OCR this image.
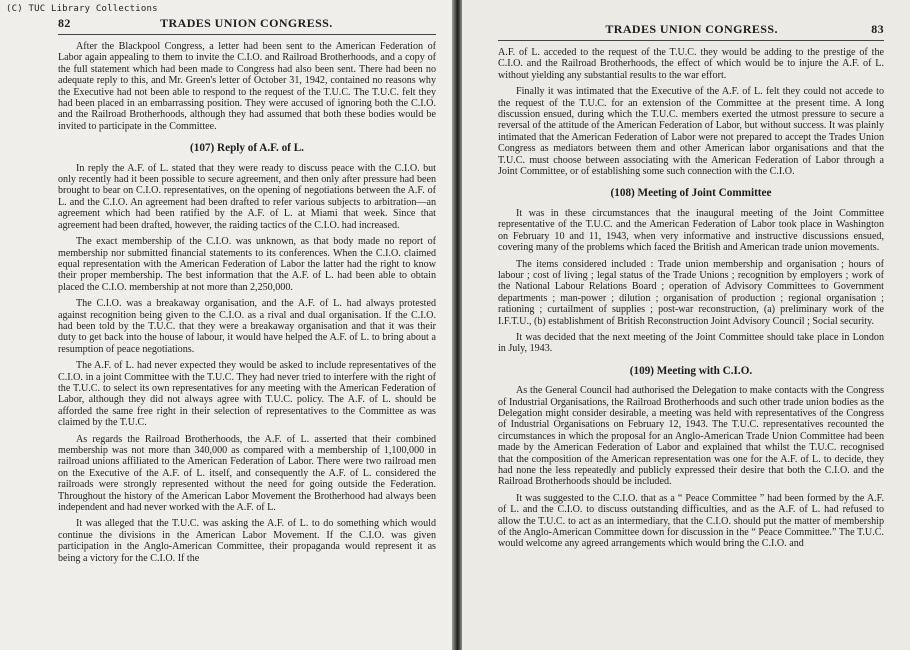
(C) TUC Library Collections
82	TRADES UNION CONGRESS.

After the Blackpool Congress, a letter had been sent to the American Federation of Labor again appealing to them to invite the C.I.O. and Railroad Brotherhoods, and a copy of the full statement which had been made to Congress had also been sent. There had been no adequate reply to this, and Mr. Green's letter of October 31, 1942, contained no reasons why the Executive had not been able to respond to the request of the T.U.C. The T.U.C. felt they had been placed in an embarrassing position. They were accused of ignoring both the C.I.O. and the Railroad Brotherhoods, although they had assumed that both these bodies would be invited to participate in the Committee.

(107) Reply of A.F. of L.

In reply the A.F. of L. stated that they were ready to discuss peace with the C.I.O. but only recently had it been possible to secure agreement, and then only after pressure had been brought to bear on C.I.O. representatives, on the opening of negotiations between the A.F. of L. and the C.I.O. An agreement had been drafted to refer various subjects to arbitration—an agreement which had been ratified by the A.F. of L. at Miami that week. Since that agreement had been drafted, however, the raiding tactics of the C.I.O. had increased.

The exact membership of the C.I.O. was unknown, as that body made no report of membership nor submitted financial statements to its conferences. When the C.I.O. claimed equal representation with the American Federation of Labor the latter had the right to know their proper membership. The best information that the A.F. of L. had been able to obtain placed the C.I.O. membership at not more than 2,250,000.

The C.I.O. was a breakaway organisation, and the A.F. of L. had always protested against recognition being given to the C.I.O. as a rival and dual organisation. If the C.I.O. had been told by the T.U.C. that they were a breakaway organisation and that it was their duty to get back into the house of labour, it would have helped the A.F. of L. to bring about a resumption of peace negotiations.

The A.F. of L. had never expected they would be asked to include representatives of the C.I.O. in a joint Committee with the T.U.C. They had never tried to interfere with the right of the T.U.C. to select its own representatives for any meeting with the American Federation of Labor, although they did not always agree with T.U.C. policy. The A.F. of L. should be afforded the same free right in their selection of representatives to the Committee as was claimed by the T.U.C.

As regards the Railroad Brotherhoods, the A.F. of L. asserted that their combined membership was not more than 340,000 as compared with a membership of 1,100,000 in railroad unions affiliated to the American Federation of Labor. There were two railroad men on the Executive of the A.F. of L. itself, and consequently the A.F. of L. considered the railroads were strongly represented without the need for going outside the Federation. Throughout the history of the American Labor Movement the Brotherhood had always been independent and had never worked with the A.F. of L.

It was alleged that the T.U.C. was asking the A.F. of L. to do something which would continue the divisions in the American Labor Movement. If the C.I.O. was given participation in the Anglo-American Committee, their propaganda would represent it as being a victory for the C.I.O. If the

TRADES UNION CONGRESS.	83

A.F. of L. acceded to the request of the T.U.C. they would be adding to the prestige of the C.I.O. and the Railroad Brotherhoods, the effect of which would be to injure the A.F. of L. without yielding any substantial results to the war effort.

Finally it was intimated that the Executive of the A.F. of L. felt they could not accede to the request of the T.U.C. for an extension of the Committee at the present time. A long discussion ensued, during which the T.U.C. members exerted the utmost pressure to secure a reversal of the attitude of the American Federation of Labor, but without success. It was plainly intimated that the American Federation of Labor were not prepared to accept the Trades Union Congress as mediators between them and other American labor organisations and that the T.U.C. must choose between associating with the American Federation of Labor through a Joint Committee, or of establishing some such connection with the C.I.O.

(108) Meeting of Joint Committee

It was in these circumstances that the inaugural meeting of the Joint Committee representative of the T.U.C. and the American Federation of Labor took place in Washington on February 10 and 11, 1943, when very informative and instructive discussions ensued, covering many of the problems which faced the British and American trade union movements.

The items considered included : Trade union membership and organisation ; hours of labour ; cost of living ; legal status of the Trade Unions ; recognition by employers ; work of the National Labour Relations Board ; operation of Advisory Committees to Government departments ; man-power ; dilution ; organisation of production ; regional organisation ; rationing ; curtailment of supplies ; post-war reconstruction, (a) preliminary work of the I.F.T.U., (b) establishment of British Reconstruction Joint Advisory Council ; Social security.

It was decided that the next meeting of the Joint Committee should take place in London in July, 1943.

(109) Meeting with C.I.O.

As the General Council had authorised the Delegation to make contacts with the Congress of Industrial Organisations, the Railroad Brotherhoods and such other trade union bodies as the Delegation might consider desirable, a meeting was held with representatives of the Congress of Industrial Organisations on February 12, 1943. The T.U.C. representatives recounted the circumstances in which the proposal for an Anglo-American Trade Union Committee had been made by the American Federation of Labor and explained that whilst the T.U.C. recognised that the composition of the American representation was one for the A.F. of L. to decide, they had none the less repeatedly and publicly expressed their desire that both the C.I.O. and the Railroad Brotherhoods should be included.

It was suggested to the C.I.O. that as a “ Peace Committee ” had been formed by the A.F. of L. and the C.I.O. to discuss outstanding difficulties, and as the A.F. of L. had refused to allow the T.U.C. to act as an intermediary, that the C.I.O. should put the matter of membership of the Anglo-American Committee down for discussion in the “ Peace Committee.” The T.U.C. would welcome any agreed arrangements which would bring the C.I.O. and
